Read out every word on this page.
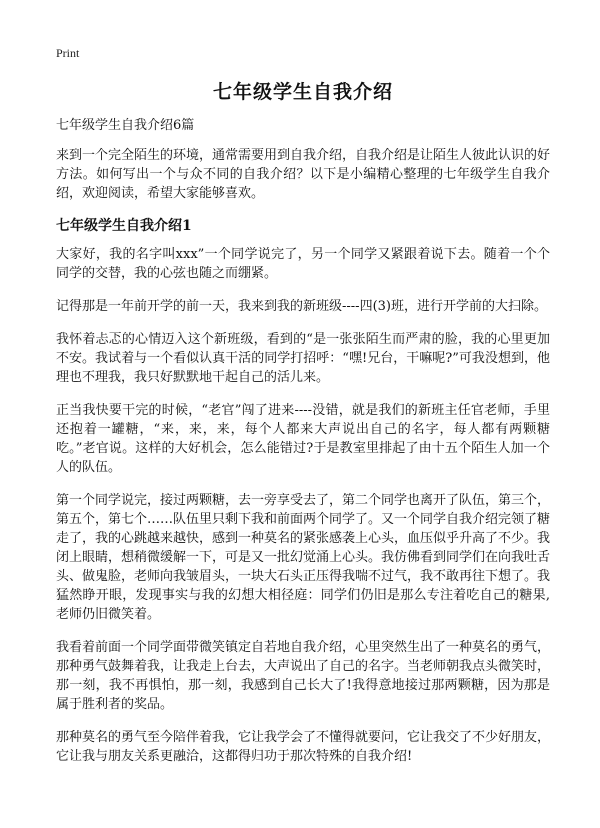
Print
七年级学生自我介绍
七年级学生自我介绍6篇
来到一个完全陌生的环境，通常需要用到自我介绍，自我介绍是让陌生人彼此认识的好方法。如何写出一个与众不同的自我介绍？以下是小编精心整理的七年级学生自我介绍，欢迎阅读，希望大家能够喜欢。
七年级学生自我介绍1
大家好，我的名字叫xxx”一个同学说完了，另一个同学又紧跟着说下去。随着一个个同学的交替，我的心弦也随之而绷紧。
记得那是一年前开学的前一天，我来到我的新班级----四(3)班，进行开学前的大扫除。
我怀着忐忑的心情迈入这个新班级，看到的“是一张张陌生而严肃的脸，我的心里更加不安。我试着与一个看似认真干活的同学打招呼：“嘿!兄台，干嘛呢?”可我没想到，他理也不理我，我只好默默地干起自己的活儿来。
正当我快要干完的时候，“老官”闯了进来----没错，就是我们的新班主任官老师，手里还抱着一罐糖，“来，来，来，每个人都来大声说出自己的名字，每人都有两颗糖吃。”老官说。这样的大好机会，怎么能错过?于是教室里排起了由十五个陌生人加一个人的队伍。
第一个同学说完，接过两颗糖，去一旁享受去了，第二个同学也离开了队伍，第三个，第五个，第七个……队伍里只剩下我和前面两个同学了。又一个同学自我介绍完领了糖走了，我的心跳越来越快，感到一种莫名的紧张感袭上心头，血压似乎升高了不少。我闭上眼睛，想稍微缓解一下，可是又一批幻觉涌上心头。我仿佛看到同学们在向我吐舌头、做鬼脸，老师向我皱眉头，一块大石头正压得我喘不过气，我不敢再往下想了。我猛然睁开眼，发现事实与我的幻想大相径庭：同学们仍旧是那么专注着吃自己的糖果,老师仍旧微笑着。
我看着前面一个同学面带微笑镇定自若地自我介绍，心里突然生出了一种莫名的勇气，那种勇气鼓舞着我，让我走上台去，大声说出了自己的名字。当老师朝我点头微笑时，那一刻，我不再惧怕，那一刻，我感到自己长大了!我得意地接过那两颗糖，因为那是属于胜利者的奖品。
那种莫名的勇气至今陪伴着我，它让我学会了不懂得就要问，它让我交了不少好朋友，它让我与朋友关系更融洽，这都得归功于那次特殊的自我介绍!
